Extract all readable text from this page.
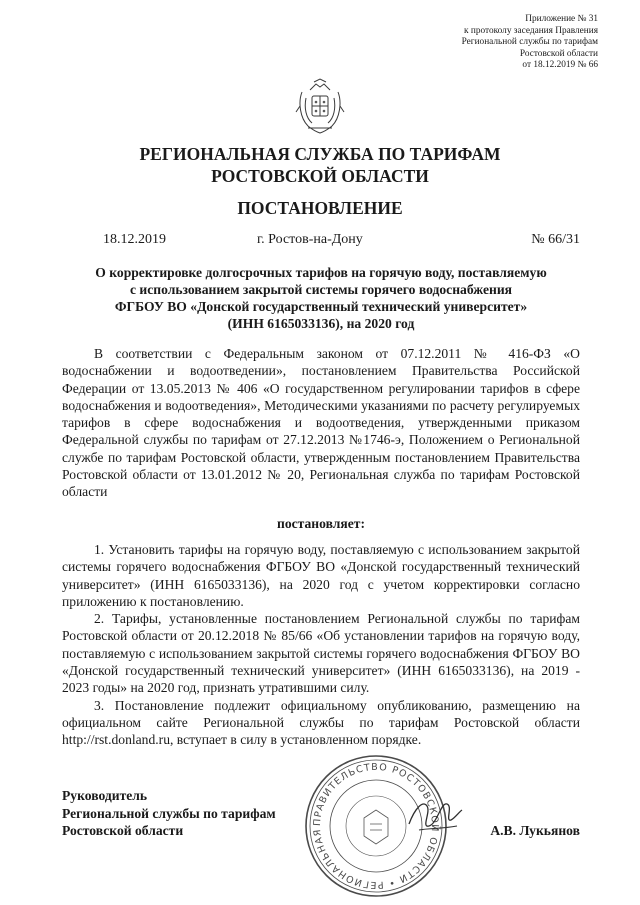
Приложение № 31
к протоколу заседания Правления
Региональной службы по тарифам
Ростовской области
от 18.12.2019 № 66
РЕГИОНАЛЬНАЯ СЛУЖБА ПО ТАРИФАМ
РОСТОВСКОЙ ОБЛАСТИ
ПОСТАНОВЛЕНИЕ
18.12.2019	г. Ростов-на-Дону	№ 66/31
О корректировке долгосрочных тарифов на горячую воду, поставляемую
с использованием закрытой системы горячего водоснабжения
ФГБОУ ВО «Донской государственный технический университет»
(ИНН 6165033136), на 2020 год

В соответствии с Федеральным законом от 07.12.2011 № 416-ФЗ «О водоснабжении и водоотведении», постановлением Правительства Российской Федерации от 13.05.2013 № 406 «О государственном регулировании тарифов в сфере водоснабжения и водоотведения», Методическими указаниями по расчету регулируемых тарифов в сфере водоснабжения и водоотведения, утвержденными приказом Федеральной службы по тарифам от 27.12.2013 №1746-э, Положением о Региональной службе по тарифам Ростовской области, утвержденным постановлением Правительства Ростовской области от 13.01.2012 № 20, Региональная служба по тарифам Ростовской области

постановляет:

1. Установить тарифы на горячую воду, поставляемую с использованием закрытой системы горячего водоснабжения ФГБОУ ВО «Донской государственный технический университет» (ИНН 6165033136), на 2020 год с учетом корректировки согласно приложению к постановлению.

2. Тарифы, установленные постановлением Региональной службы по тарифам Ростовской области от 20.12.2018 № 85/66 «Об установлении тарифов на горячую воду, поставляемую с использованием закрытой системы горячего водоснабжения ФГБОУ ВО «Донской государственный технический университет» (ИНН 6165033136), на 2019 - 2023 годы» на 2020 год, признать утратившими силу.

3. Постановление подлежит официальному опубликованию, размещению на официальном сайте Региональной службы по тарифам Ростовской области http://rst.donland.ru, вступает в силу в установленном порядке.

ПРАВИТЕЛЬСТВО РОСТОВСКОЙ ОБЛАСТИ • РЕГИОНАЛЬНАЯ
Руководитель
Региональной службы по тарифам
Ростовской области	А.В. Лукьянов
